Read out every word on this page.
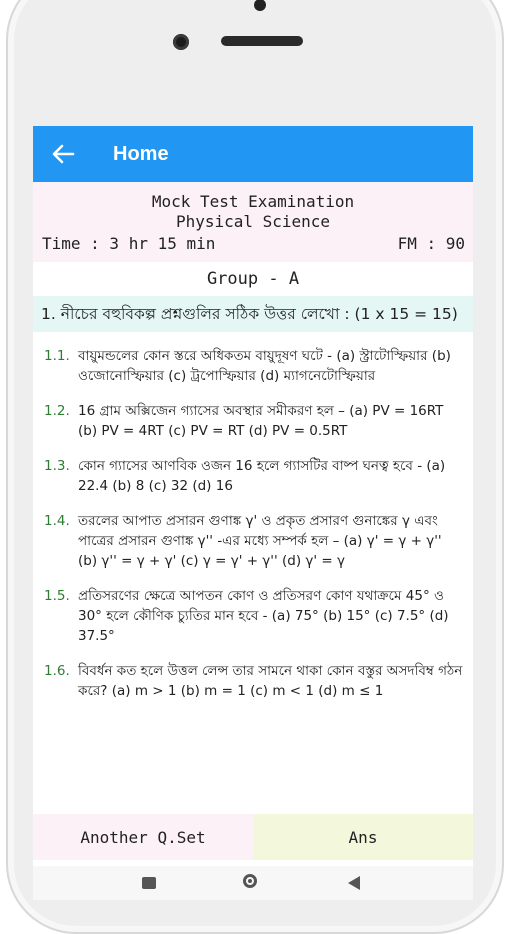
Home
Mock Test Examination
Physical Science
Time : 3 hr 15 min	FM : 90
Group - A
1. নীচের বহুবিকল্প প্রশ্নগুলির সঠিক উত্তর লেখো : (1 x 15 = 15)
1.1. বায়ুমন্ডলের কোন স্তরে অধিকতম বায়ুদূষণ ঘটে - (a) স্ট্রাটোস্ফিয়ার (b) ওজোনোস্ফিয়ার (c) ট্রপোস্ফিয়ার (d) ম্যাগনেটোস্ফিয়ার
1.2. 16 গ্রাম অক্সিজেন গ্যাসের অবস্থার সমীকরণ হল – (a) PV = 16RT (b) PV = 4RT (c) PV = RT (d) PV = 0.5RT
1.3. কোন গ্যাসের আণবিক ওজন 16 হলে গ্যাসটির বাষ্প ঘনত্ব হবে - (a) 22.4 (b) 8 (c) 32 (d) 16
1.4. তরলের আপাত প্রসারন গুণাঙ্ক γ' ও প্রকৃত প্রসারণ গুনাঙ্কের γ এবং পাত্রের প্রসারন গুণাঙ্ক γ'' -এর মধ্যে সম্পর্ক হল – (a) γ' = γ + γ'' (b) γ'' = γ + γ' (c) γ = γ' + γ'' (d) γ' = γ
1.5. প্রতিসরণের ক্ষেত্রে আপতন কোণ ও প্রতিসরণ কোণ যথাক্রমে 45° ও 30° হলে কৌণিক চ্যুতির মান হবে - (a) 75° (b) 15° (c) 7.5° (d) 37.5°
1.6. বিবর্ধন কত হলে উত্তল লেন্স তার সামনে থাকা কোন বস্তুর অসদবিম্ব গঠন করে? (a) m > 1 (b) m = 1 (c) m < 1 (d) m ≤ 1
Another Q.Set	Ans
